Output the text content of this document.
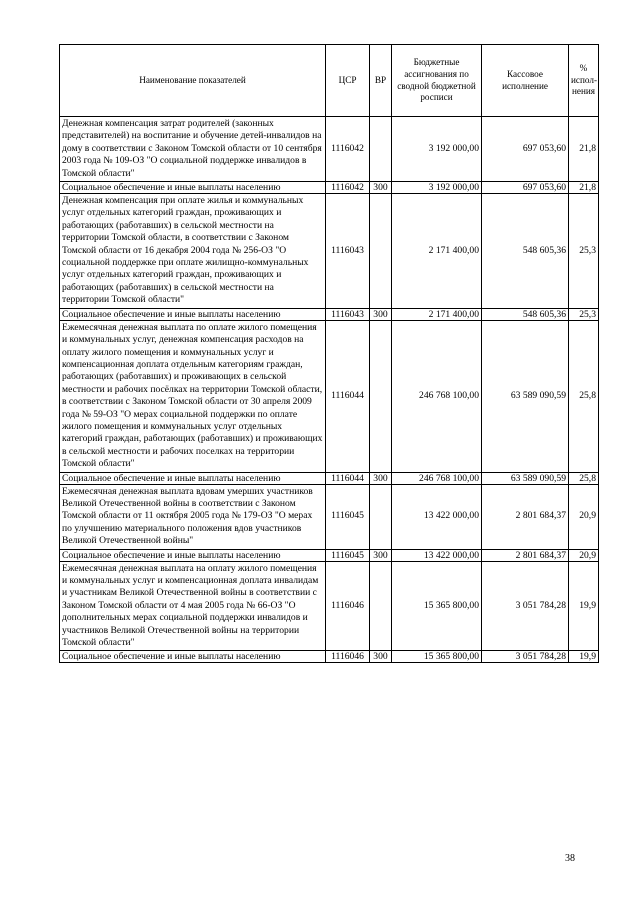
Наименование показателей	ЦСР	ВР	Бюджетные ассигнования по сводной бюджетной росписи	Кассовое исполнение	% испол-нения
Денежная компенсация затрат родителей (законных представителей) на воспитание и обучение детей-инвалидов на дому в соответствии с Законом Томской области от 10 сентября 2003 года № 109-ОЗ "О социальной поддержке инвалидов в Томской области"	1116042		3 192 000,00	697 053,60	21,8
Социальное обеспечение и иные выплаты населению	1116042	300	3 192 000,00	697 053,60	21,8
Денежная компенсация при оплате жилья и коммунальных услуг отдельных категорий граждан, проживающих и работающих (работавших) в сельской местности на территории Томской области, в соответствии с Законом Томской области от 16 декабря 2004 года № 256-ОЗ "О социальной поддержке при оплате жилищно-коммунальных услуг отдельных категорий граждан, проживающих и работающих (работавших) в сельской местности на территории Томской области"	1116043		2 171 400,00	548 605,36	25,3
Социальное обеспечение и иные выплаты населению	1116043	300	2 171 400,00	548 605,36	25,3
Ежемесячная денежная выплата по оплате жилого помещения и коммунальных услуг, денежная компенсация расходов на оплату жилого помещения и коммунальных услуг и компенсационная доплата отдельным категориям граждан, работающих (работавших) и проживающих в сельской местности и рабочих посёлках на территории Томской области, в соответствии с Законом Томской области от 30 апреля 2009 года № 59-ОЗ "О мерах социальной поддержки по оплате жилого помещения и коммунальных услуг отдельных категорий граждан, работающих (работавших) и проживающих в сельской местности и рабочих поселках на территории Томской области"	1116044		246 768 100,00	63 589 090,59	25,8
Социальное обеспечение и иные выплаты населению	1116044	300	246 768 100,00	63 589 090,59	25,8
Ежемесячная денежная выплата вдовам умерших участников Великой Отечественной войны в соответствии с Законом Томской области от 11 октября 2005 года № 179-ОЗ "О мерах по улучшению материального положения вдов участников Великой Отечественной войны"	1116045		13 422 000,00	2 801 684,37	20,9
Социальное обеспечение и иные выплаты населению	1116045	300	13 422 000,00	2 801 684,37	20,9
Ежемесячная денежная выплата на оплату жилого помещения и коммунальных услуг и компенсационная доплата инвалидам и участникам Великой Отечественной войны в соответствии с Законом Томской области от 4 мая 2005 года № 66-ОЗ "О дополнительных мерах социальной поддержки инвалидов и участников Великой Отечественной войны на территории Томской области"	1116046		15 365 800,00	3 051 784,28	19,9
Социальное обеспечение и иные выплаты населению	1116046	300	15 365 800,00	3 051 784,28	19,9
38
